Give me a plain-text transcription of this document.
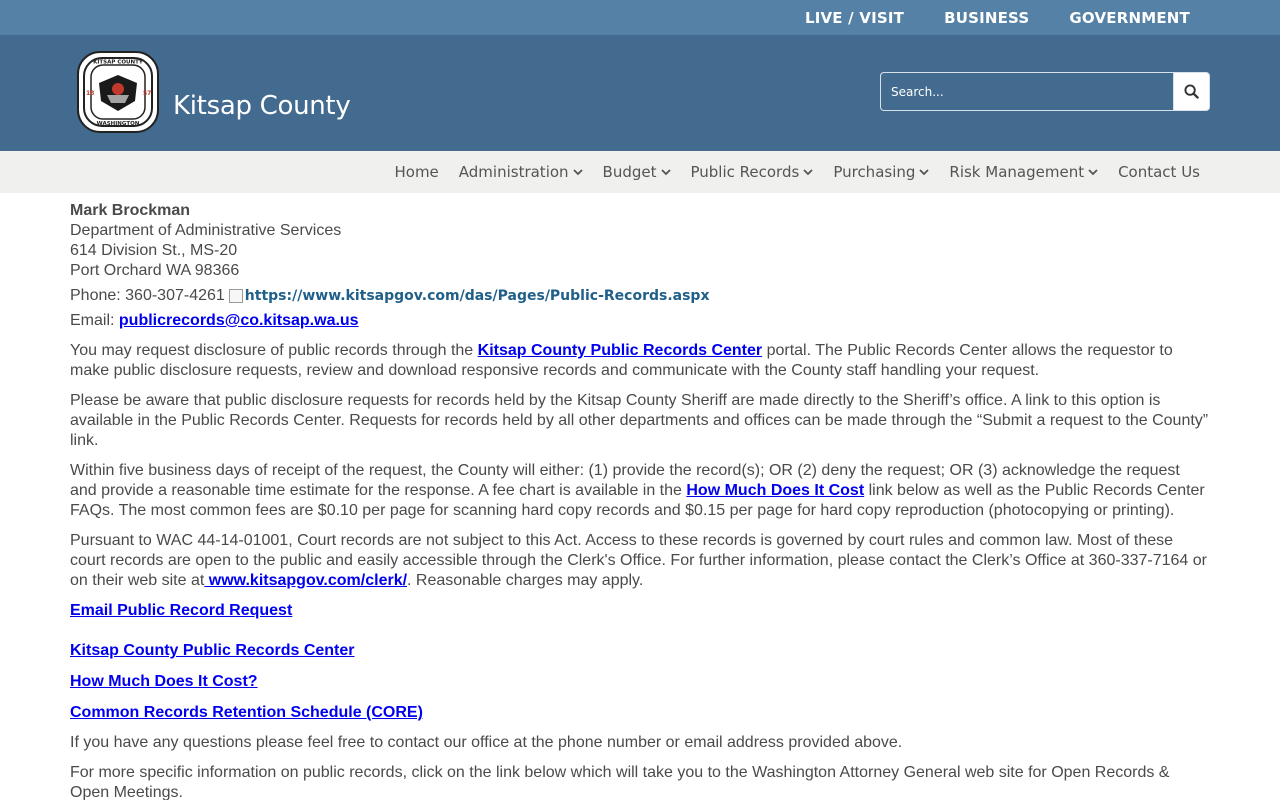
LIVE / VISIT	BUSINESS	GOVERNMENT
KITSAP COUNTY
WASHINGTON
18	57 Kitsap County
Search...
Home Administration Budget Public Records Purchasing Risk Management Contact Us

Mark Brockman

Department of Administrative Services

614 Division St., MS-20

Port Orchard WA 98366

Phone: 360-307-4261 https://www.kitsapgov.com/das/Pages/Public-Records.aspx
Email: publicrecords@co.kitsap.wa.us

You may request disclosure of public records through the Kitsap County Public Records Center portal. The Public Records Center allows the requestor to make public disclosure requests, review and download responsive records and communicate with the County staff handling your request.

Please be aware that public disclosure requests for records held by the Kitsap County Sheriff are made directly to the Sheriff’s office. A link to this option is available in the Public Records Center. Requests for records held by all other departments and offices can be made through the “Submit a request to the County” link.

Within five business days of receipt of the request, the County will either: (1) provide the record(s); OR (2) deny the request; OR (3) acknowledge the request and provide a reasonable time estimate for the response. A fee chart is available in the How Much Does It Cost link below as well as the Public Records Center FAQs. The most common fees are $0.10 per page for scanning hard copy records and $0.15 per page for hard copy reproduction (photocopying or printing).

Pursuant to WAC 44-14-01001, Court records are not subject to this Act. Access to these records is governed by court rules and common law. Most of these court records are open to the public and easily accessible through the Clerk's Office. For further information, please contact the Clerk’s Office at 360-337-7164 or on their web site at www.kitsapgov.com/clerk/. Reasonable charges may apply.

Email Public Record Request
Kitsap County Public Records Center
How Much Does It Cost?
Common Records Retention Schedule (CORE)

If you have any questions please feel free to contact our office at the phone number or email address provided above.

For more specific information on public records, click on the link below which will take you to the Washington Attorney General web site for Open Records & Open Meetings.
